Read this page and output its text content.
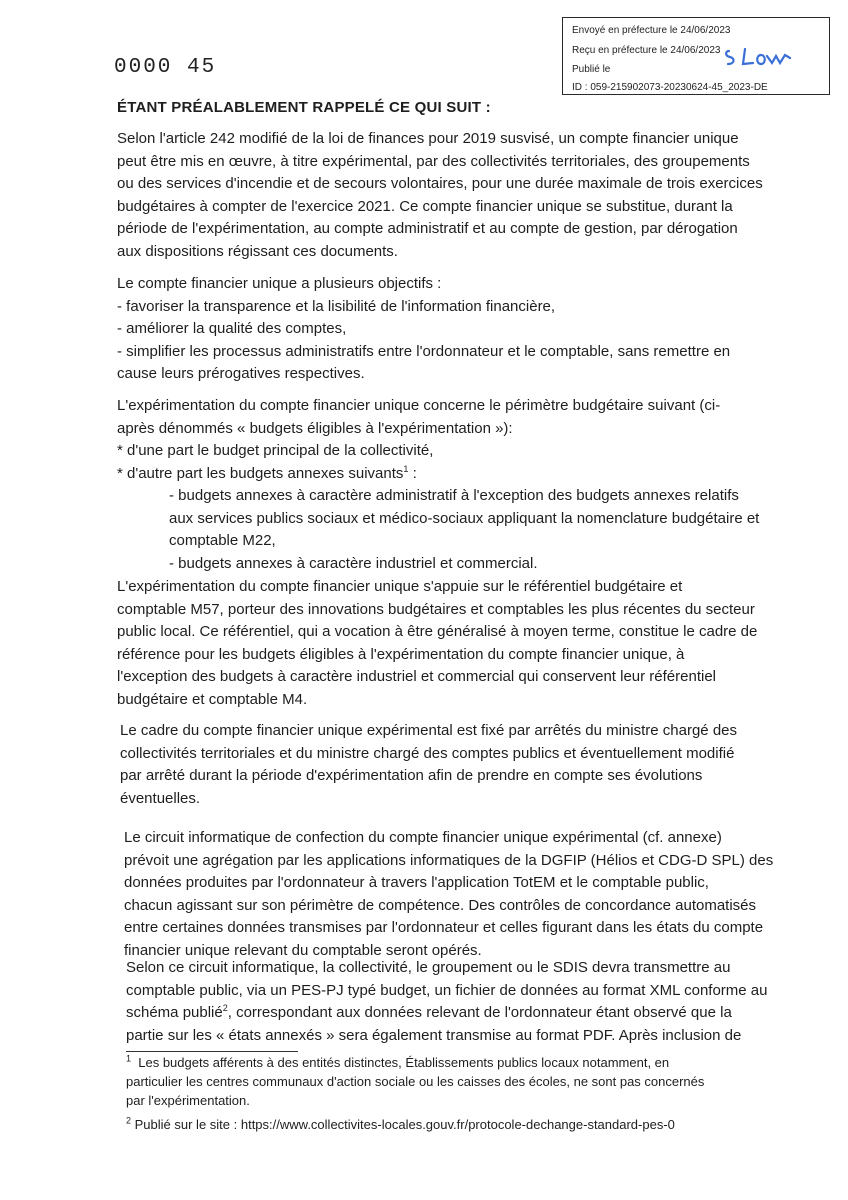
Envoyé en préfecture le 24/06/2023
Reçu en préfecture le 24/06/2023
Publié le
ID : 059-215902073-20230624-45_2023-DE
0000 45
ÉTANT PRÉALABLEMENT RAPPELÉ CE QUI SUIT :
Selon l'article 242 modifié de la loi de finances pour 2019 susvisé, un compte financier unique
peut être mis en œuvre, à titre expérimental, par des collectivités territoriales, des groupements
ou des services d'incendie et de secours volontaires, pour une durée maximale de trois exercices
budgétaires à compter de l'exercice 2021. Ce compte financier unique se substitue, durant la
période de l'expérimentation, au compte administratif et au compte de gestion, par dérogation
aux dispositions régissant ces documents.
Le compte financier unique a plusieurs objectifs :
- favoriser la transparence et la lisibilité de l'information financière,
- améliorer la qualité des comptes,
- simplifier les processus administratifs entre l'ordonnateur et le comptable, sans remettre en
cause leurs prérogatives respectives.
L'expérimentation du compte financier unique concerne le périmètre budgétaire suivant (ci-
après dénommés « budgets éligibles à l'expérimentation »):
* d'une part le budget principal de la collectivité,
* d'autre part les budgets annexes suivants$^1$ :
- budgets annexes à caractère administratif à l'exception des budgets annexes relatifs
aux services publics sociaux et médico-sociaux appliquant la nomenclature budgétaire et
comptable M22,
- budgets annexes à caractère industriel et commercial.
L'expérimentation du compte financier unique s'appuie sur le référentiel budgétaire et
comptable M57, porteur des innovations budgétaires et comptables les plus récentes du secteur
public local. Ce référentiel, qui a vocation à être généralisé à moyen terme, constitue le cadre de
référence pour les budgets éligibles à l'expérimentation du compte financier unique, à
l'exception des budgets à caractère industriel et commercial qui conservent leur référentiel
budgétaire et comptable M4.
Le cadre du compte financier unique expérimental est fixé par arrêtés du ministre chargé des
collectivités territoriales et du ministre chargé des comptes publics et éventuellement modifié
par arrêté durant la période d'expérimentation afin de prendre en compte ses évolutions
éventuelles.
Le circuit informatique de confection du compte financier unique expérimental (cf. annexe)
prévoit une agrégation par les applications informatiques de la DGFIP (Hélios et CDG-D SPL) des
données produites par l'ordonnateur à travers l'application TotEM et le comptable public,
chacun agissant sur son périmètre de compétence. Des contrôles de concordance automatisés
entre certaines données transmises par l'ordonnateur et celles figurant dans les états du compte
financier unique relevant du comptable seront opérés.
Selon ce circuit informatique, la collectivité, le groupement ou le SDIS devra transmettre au
comptable public, via un PES-PJ typé budget, un fichier de données au format XML conforme au
schéma publié$^2$, correspondant aux données relevant de l'ordonnateur étant observé que la
partie sur les « états annexés » sera également transmise au format PDF. Après inclusion de
$^1$ Les budgets afférents à des entités distinctes, Établissements publics locaux notamment, en
particulier les centres communaux d'action sociale ou les caisses des écoles, ne sont pas concernés
par l'expérimentation.
$^2$ Publié sur le site : https://www.collectivites-locales.gouv.fr/protocole-dechange-standard-pes-0
